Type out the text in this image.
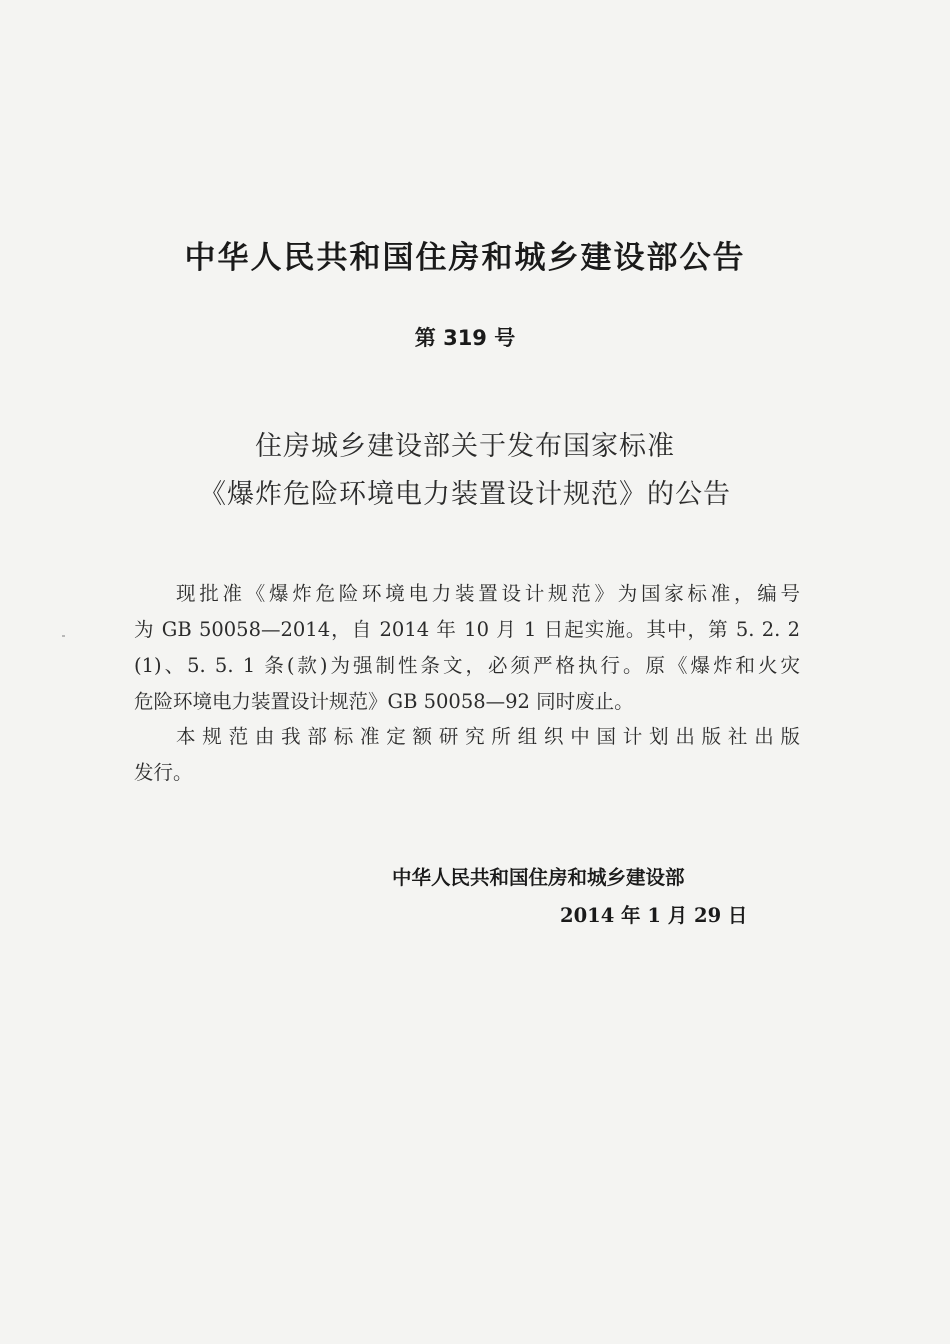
中华人民共和国住房和城乡建设部公告
第 319 号
住房城乡建设部关于发布国家标准
《爆炸危险环境电力装置设计规范》的公告
现批准《爆炸危险环境电力装置设计规范》为国家标准，编号
为 GB 50058—2014，自 2014 年 10 月 1 日起实施。其中，第 5. 2. 2
(1)、5. 5. 1 条(款)为强制性条文，必须严格执行。原《爆炸和火灾
危险环境电力装置设计规范》GB 50058—92 同时废止。
本规范由我部标准定额研究所组织中国计划出版社出版
发行。
中华人民共和国住房和城乡建设部
2014 年 1 月 29 日
